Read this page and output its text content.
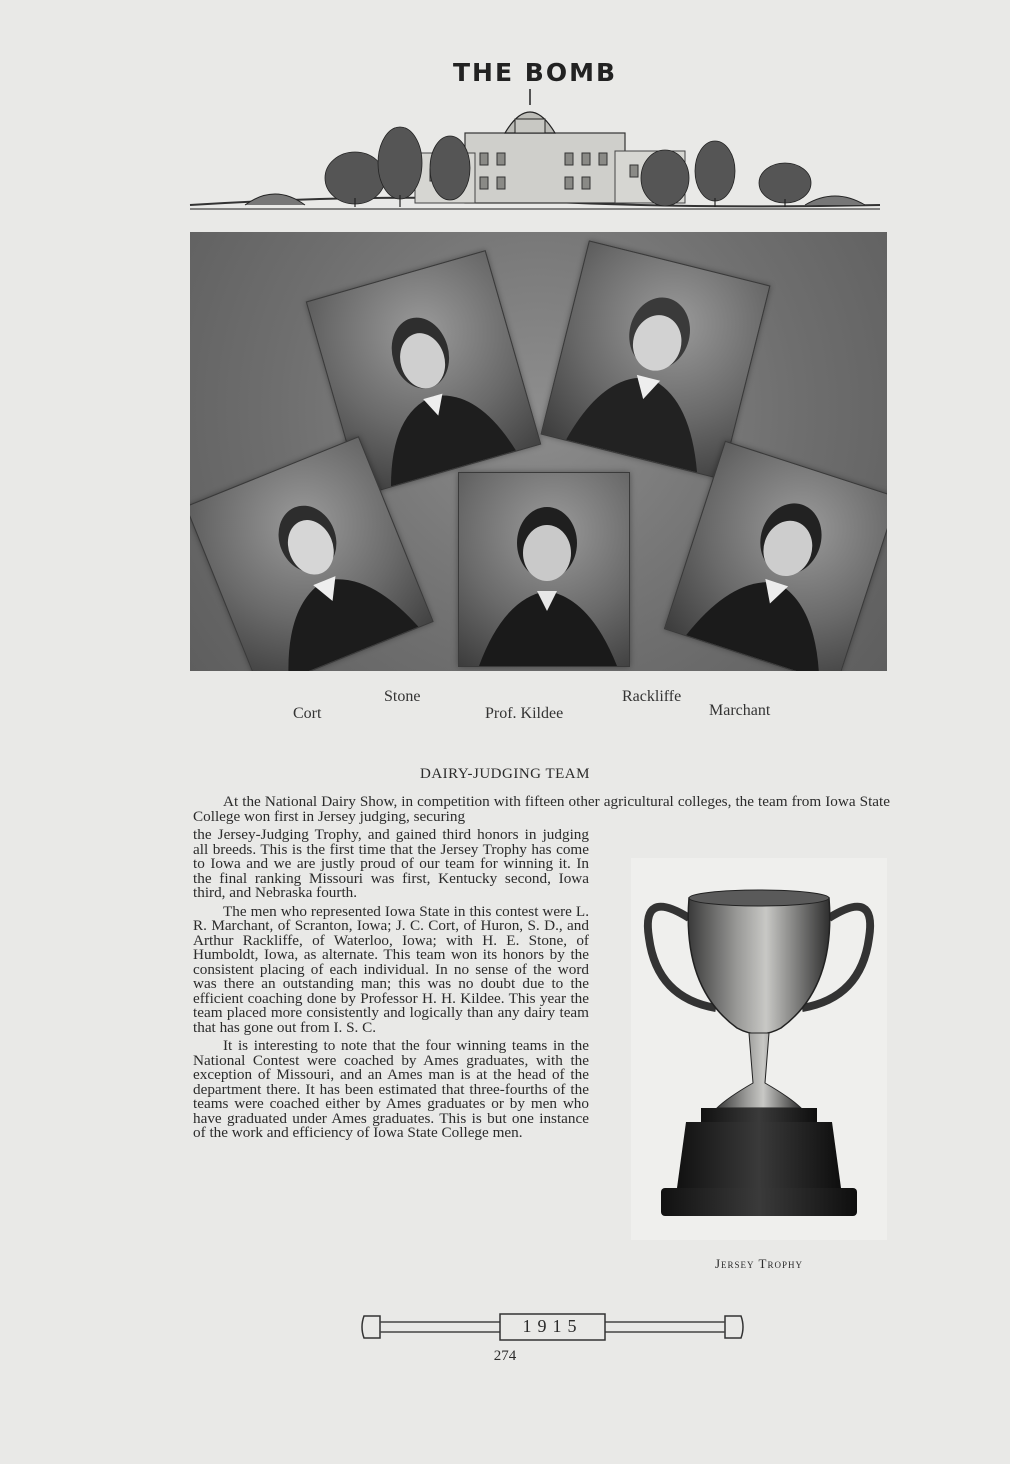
THE BOMB
Cort
Stone
Prof. Kildee
Rackliffe
Marchant
DAIRY-JUDGING TEAM

At the National Dairy Show, in competition with fifteen other agricultural colleges, the team from Iowa State College won first in Jersey judging, securing

the Jersey-Judging Trophy, and gained third honors in judging all breeds. This is the first time that the Jersey Trophy has come to Iowa and we are justly proud of our team for winning it. In the final ranking Missouri was first, Kentucky second, Iowa third, and Nebraska fourth.

The men who represented Iowa State in this contest were L. R. Marchant, of Scranton, Iowa; J. C. Cort, of Huron, S. D., and Arthur Rackliffe, of Waterloo, Iowa; with H. E. Stone, of Humboldt, Iowa, as alternate. This team won its honors by the consistent placing of each individual. In no sense of the word was there an outstanding man; this was no doubt due to the efficient coaching done by Professor H. H. Kildee. This year the team placed more consistently and logically than any dairy team that has gone out from I. S. C.

It is interesting to note that the four winning teams in the National Contest were coached by Ames graduates, with the exception of Missouri, and an Ames man is at the head of the department there. It has been estimated that three-fourths of the teams were coached either by Ames graduates or by men who have graduated under Ames graduates. This is but one instance of the work and efficiency of Iowa State College men.

Jersey Trophy
1915
274
